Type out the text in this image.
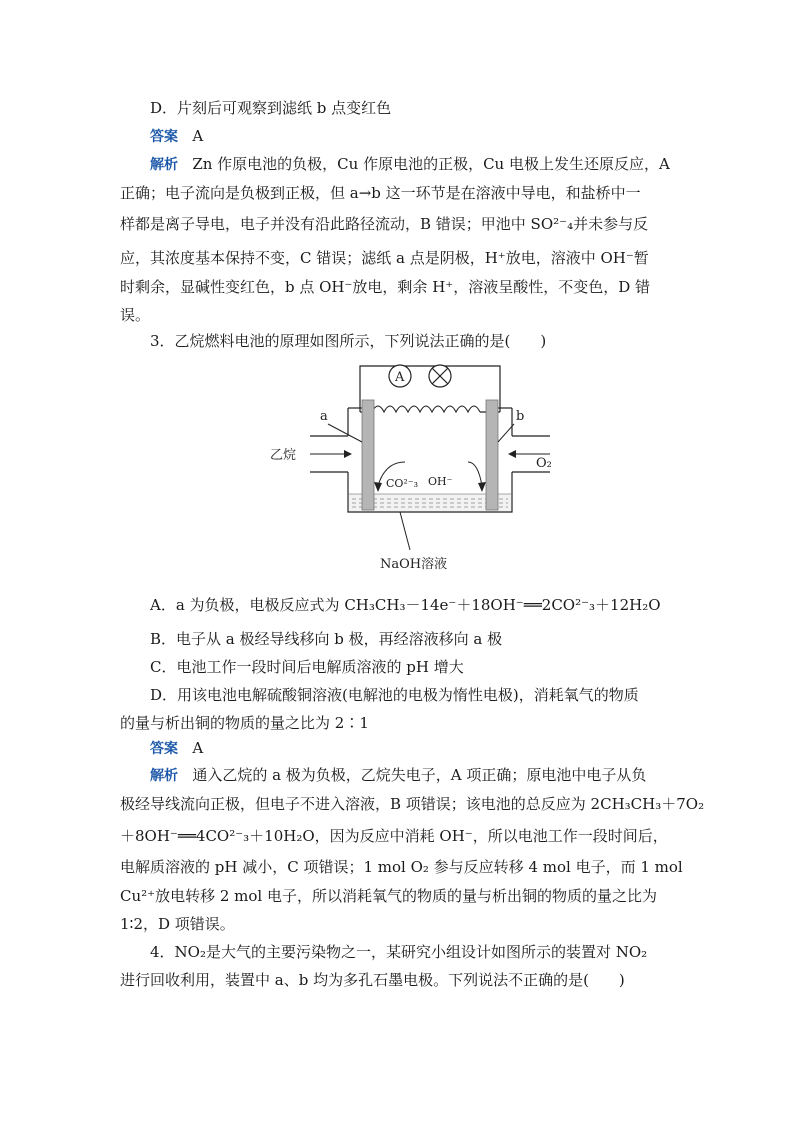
D．片刻后可观察到滤纸 b 点变红色
答案 A
解析 Zn 作原电池的负极，Cu 作原电池的正极，Cu 电极上发生还原反应，A
正确；电子流向是负极到正极，但 a→b 这一环节是在溶液中导电，和盐桥中一
样都是离子导电，电子并没有沿此路径流动，B 错误；甲池中 SO²⁻₄并未参与反
应，其浓度基本保持不变，C 错误；滤纸 a 点是阴极，H⁺放电，溶液中 OH⁻暂
时剩余，显碱性变红色，b 点 OH⁻放电，剩余 H⁺，溶液呈酸性，不变色，D 错
误。
3．乙烷燃料电池的原理如图所示，下列说法正确的是(　　)
A
a	b
乙烷
O₂
CO²⁻₃ OH⁻
NaOH溶液
A．a 为负极，电极反应式为 CH₃CH₃－14e⁻＋18OH⁻══2CO²⁻₃＋12H₂O
B．电子从 a 极经导线移向 b 极，再经溶液移向 a 极
C．电池工作一段时间后电解质溶液的 pH 增大
D．用该电池电解硫酸铜溶液(电解池的电极为惰性电极)，消耗氧气的物质
的量与析出铜的物质的量之比为 2∶1
答案 A
解析 通入乙烷的 a 极为负极，乙烷失电子，A 项正确；原电池中电子从负
极经导线流向正极，但电子不进入溶液，B 项错误；该电池的总反应为 2CH₃CH₃＋7O₂
＋8OH⁻══4CO²⁻₃＋10H₂O，因为反应中消耗 OH⁻，所以电池工作一段时间后，
电解质溶液的 pH 减小，C 项错误；1 mol O₂ 参与反应转移 4 mol 电子，而 1 mol
Cu²⁺放电转移 2 mol 电子，所以消耗氧气的物质的量与析出铜的物质的量之比为
1∶2，D 项错误。
4．NO₂是大气的主要污染物之一，某研究小组设计如图所示的装置对 NO₂
进行回收利用，装置中 a、b 均为多孔石墨电极。下列说法不正确的是(　　)
